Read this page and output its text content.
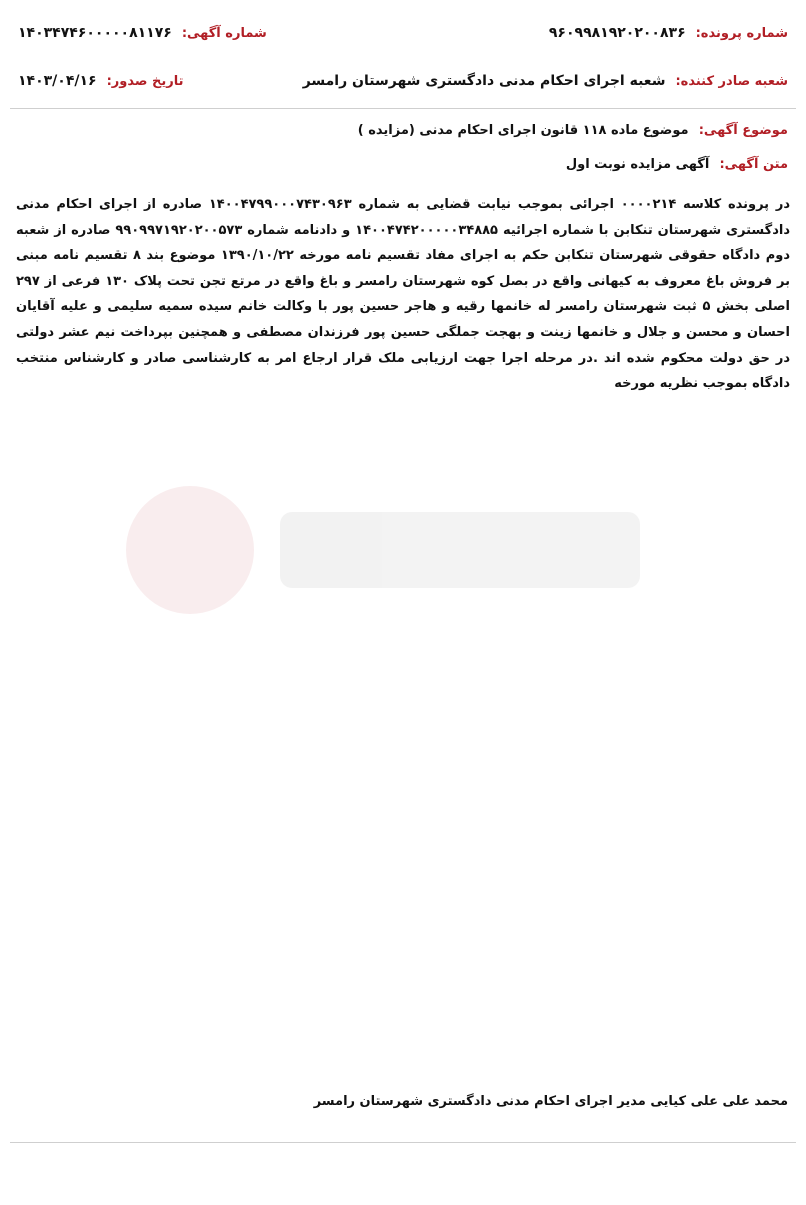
شماره آگهی:
۱۴۰۳۴۷۴۶۰۰۰۰۰۸۱۱۷۶	شماره پرونده:
۹۶۰۹۹۸۱۹۲۰۲۰۰۸۳۶
تاریخ صدور:
۱۴۰۳/۰۴/۱۶	شعبه صادر کننده:
شعبه اجرای احکام مدنی دادگستری شهرستان رامسر
موضوع آگهی: موضوع ماده ۱۱۸ قانون اجرای احکام مدنی (مزایده )
متن آگهی: آگهی مزایده نوبت اول

در پرونده کلاسه ۰۰۰۰۲۱۴ اجرائی بموجب نیابت قضایی به شماره ۱۴۰۰۴۷۹۹۰۰۰۷۴۳۰۹۶۳ صادره از اجرای احکام مدنی دادگستری شهرستان تنکابن با شماره اجرائیه ۱۴۰۰۴۷۴۲۰۰۰۰۰۳۴۸۸۵ و دادنامه شماره ۹۹۰۹۹۷۱۹۲۰۲۰۰۵۷۳ صادره از شعبه دوم دادگاه حقوقی شهرستان تنکابن حکم به اجرای مفاد تقسیم نامه مورخه ۱۳۹۰/۱۰/۲۲ موضوع بند ۸ تقسیم نامه مبنی بر فروش باغ معروف به کیهانی واقع در بصل کوه شهرستان رامسر و باغ واقع در مرتع تجن تحت پلاک ۱۳۰ فرعی از ۲۹۷ اصلی بخش ۵ ثبت شهرستان رامسر له خانمها رقیه و هاجر حسین پور با وکالت خانم سیده سمیه سلیمی و علیه آقایان احسان و محسن و جلال و خانمها زینت و بهجت جملگی حسین پور فرزندان مصطفی و همچنین بپرداخت نیم عشر دولتی در حق دولت محکوم شده اند .در مرحله اجرا جهت ارزیابی ملک قرار ارجاع امر به کارشناسی صادر و کارشناس منتخب دادگاه بموجب نظریه مورخه

محمد علی علی کیایی مدیر اجرای احکام مدنی دادگستری شهرستان رامسر
